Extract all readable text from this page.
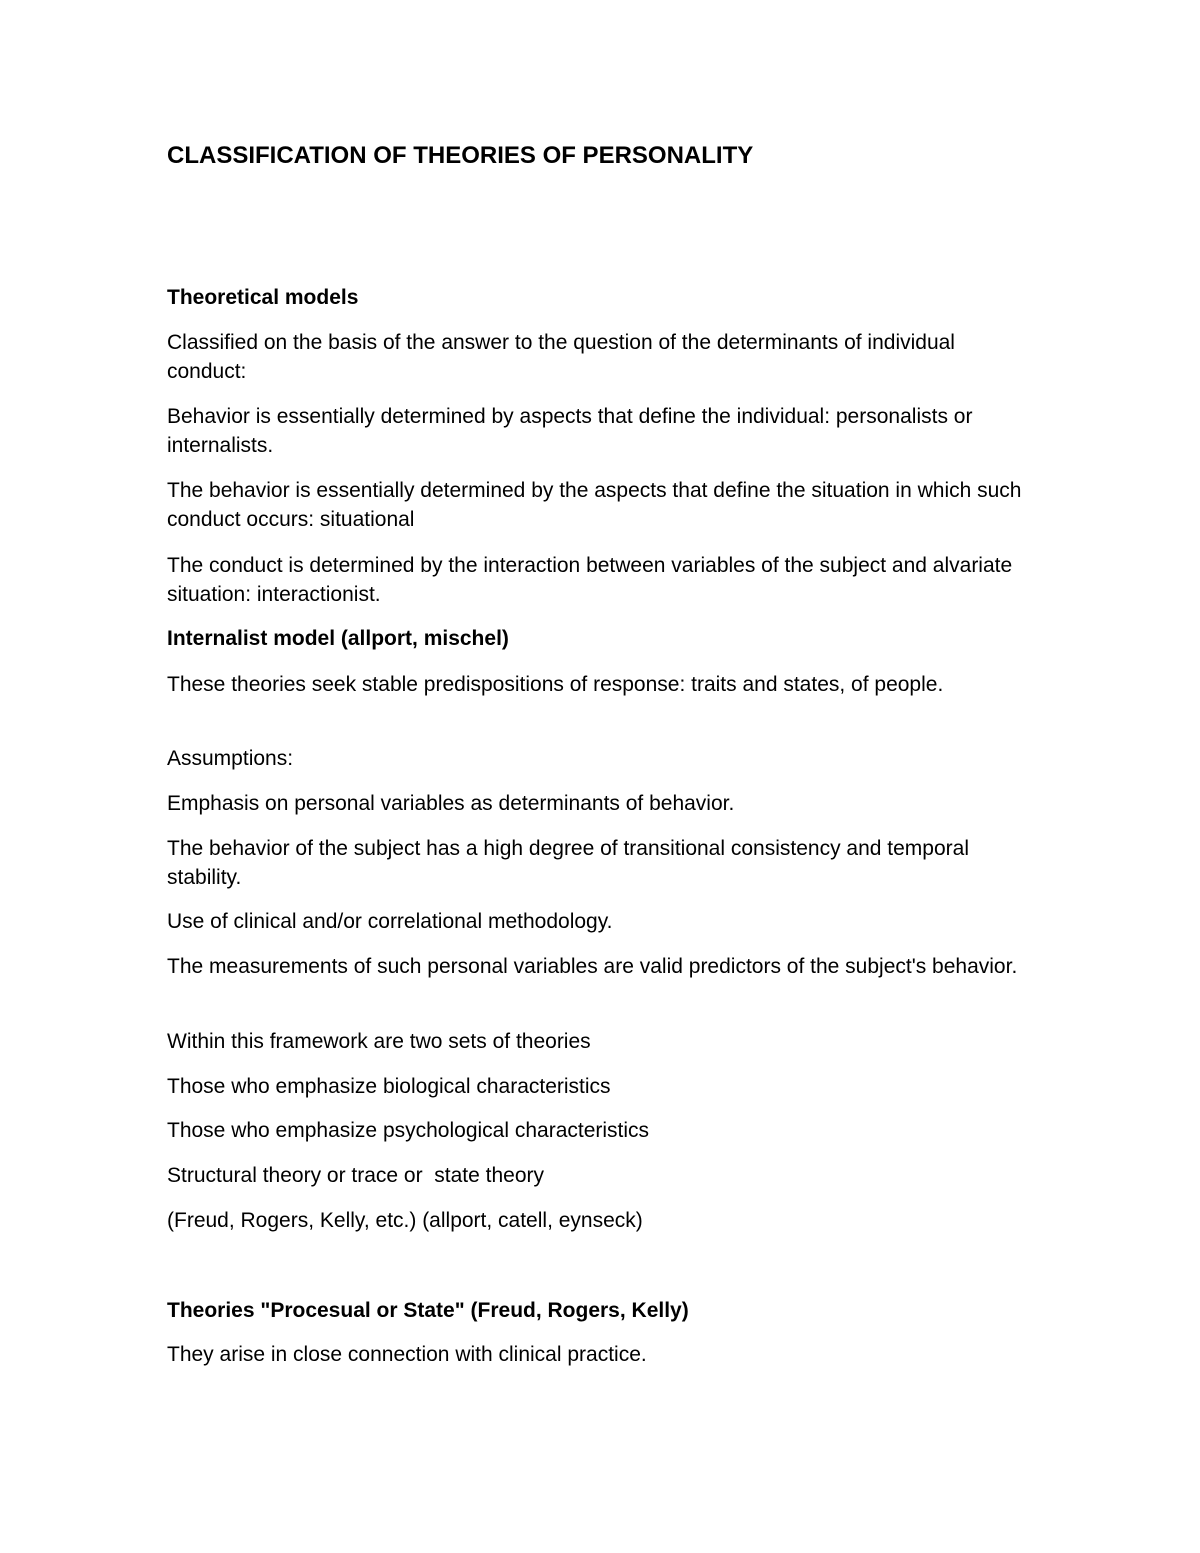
CLASSIFICATION OF THEORIES OF PERSONALITY
Theoretical models

Classified on the basis of the answer to the question of the determinants of individual conduct:

Behavior is essentially determined by aspects that define the individual: personalists or internalists.

The behavior is essentially determined by the aspects that define the situation in which such conduct occurs: situational

The conduct is determined by the interaction between variables of the subject and alvariate situation: interactionist.

Internalist model (allport, mischel)

These theories seek stable predispositions of response: traits and states, of people.

Assumptions:

Emphasis on personal variables as determinants of behavior.

The behavior of the subject has a high degree of transitional consistency and temporal stability.

Use of clinical and/or correlational methodology.

The measurements of such personal variables are valid predictors of the subject's behavior.

Within this framework are two sets of theories

Those who emphasize biological characteristics

Those who emphasize psychological characteristics

Structural theory or trace or  state theory

(Freud, Rogers, Kelly, etc.) (allport, catell, eynseck)

Theories "Procesual or State" (Freud, Rogers, Kelly)

They arise in close connection with clinical practice.
